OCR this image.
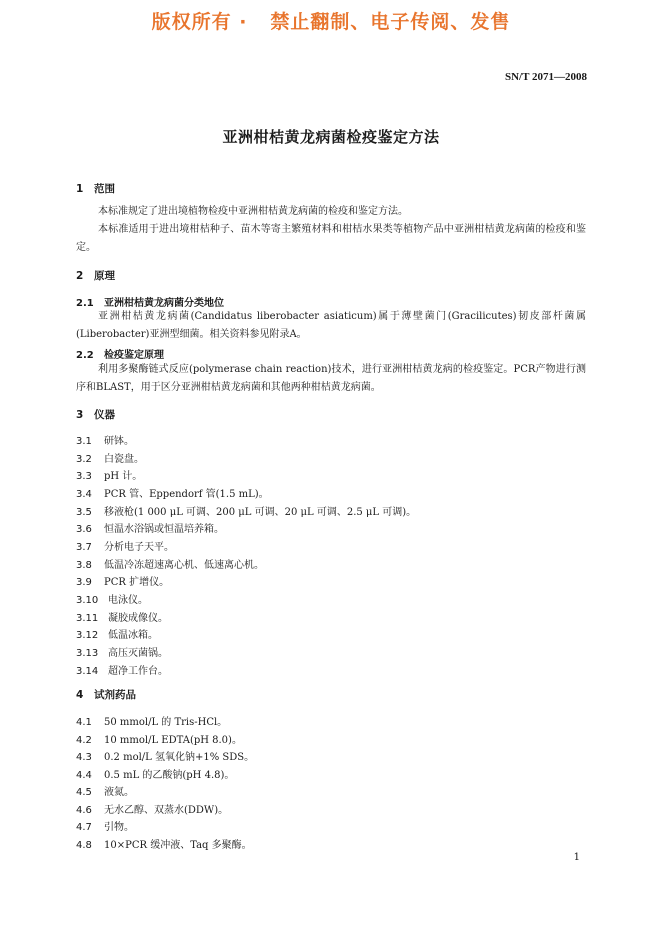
版权所有 ·   禁止翻制、电子传阅、发售
SN/T 2071—2008
亚洲柑桔黄龙病菌检疫鉴定方法
1 范围
本标准规定了进出境植物检疫中亚洲柑桔黄龙病菌的检疫和鉴定方法。
本标准适用于进出境柑桔种子、苗木等寄主繁殖材料和柑桔水果类等植物产品中亚洲柑桔黄龙病菌的检疫和鉴定。
2 原理
2.1 亚洲柑桔黄龙病菌分类地位
亚洲柑桔黄龙病菌(Candidatus liberobacter asiaticum)属于薄壁菌门(Gracilicutes)韧皮部杆菌属(Liberobacter)亚洲型细菌。相关资料参见附录A。
2.2 检疫鉴定原理
利用多聚酶链式反应(polymerase chain reaction)技术，进行亚洲柑桔黄龙病的检疫鉴定。PCR产物进行测序和BLAST，用于区分亚洲柑桔黄龙病菌和其他两种柑桔黄龙病菌。
3 仪器
3.1 研钵。
3.2 白瓷盘。
3.3 pH 计。
3.4 PCR 管、Eppendorf 管(1.5 mL)。
3.5 移液枪(1 000 μL 可调、200 μL 可调、20 μL 可调、2.5 μL 可调)。
3.6 恒温水浴锅或恒温培养箱。
3.7 分析电子天平。
3.8 低温冷冻超速离心机、低速离心机。
3.9 PCR 扩增仪。
3.10 电泳仪。
3.11 凝胶成像仪。
3.12 低温冰箱。
3.13 高压灭菌锅。
3.14 超净工作台。
4 试剂药品
4.1 50 mmol/L 的 Tris-HCl。
4.2 10 mmol/L EDTA(pH 8.0)。
4.3 0.2 mol/L 氢氧化钠+1% SDS。
4.4 0.5 mL 的乙酸钠(pH 4.8)。
4.5 液氮。
4.6 无水乙醇、双蒸水(DDW)。
4.7 引物。
4.8 10×PCR 缓冲液、Taq 多聚酶。
1
